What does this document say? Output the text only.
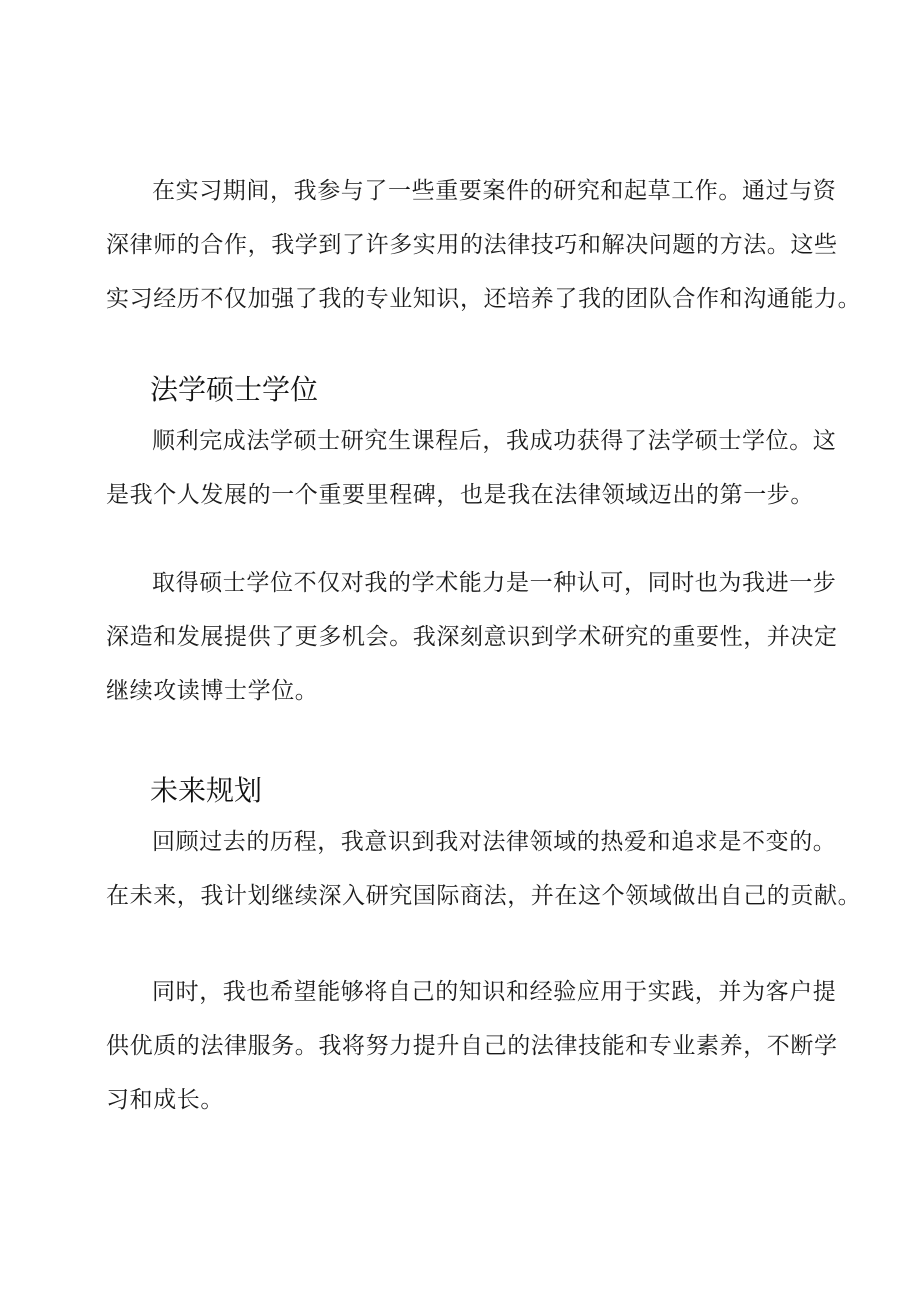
在实习期间，我参与了一些重要案件的研究和起草工作。通过与资
深律师的合作，我学到了许多实用的法律技巧和解决问题的方法。这些
实习经历不仅加强了我的专业知识，还培养了我的团队合作和沟通能力。

法学硕士学位

顺利完成法学硕士研究生课程后，我成功获得了法学硕士学位。这
是我个人发展的一个重要里程碑，也是我在法律领域迈出的第一步。

取得硕士学位不仅对我的学术能力是一种认可，同时也为我进一步
深造和发展提供了更多机会。我深刻意识到学术研究的重要性，并决定
继续攻读博士学位。

未来规划

回顾过去的历程，我意识到我对法律领域的热爱和追求是不变的。
在未来，我计划继续深入研究国际商法，并在这个领域做出自己的贡献。

同时，我也希望能够将自己的知识和经验应用于实践，并为客户提
供优质的法律服务。我将努力提升自己的法律技能和专业素养，不断学
习和成长。
